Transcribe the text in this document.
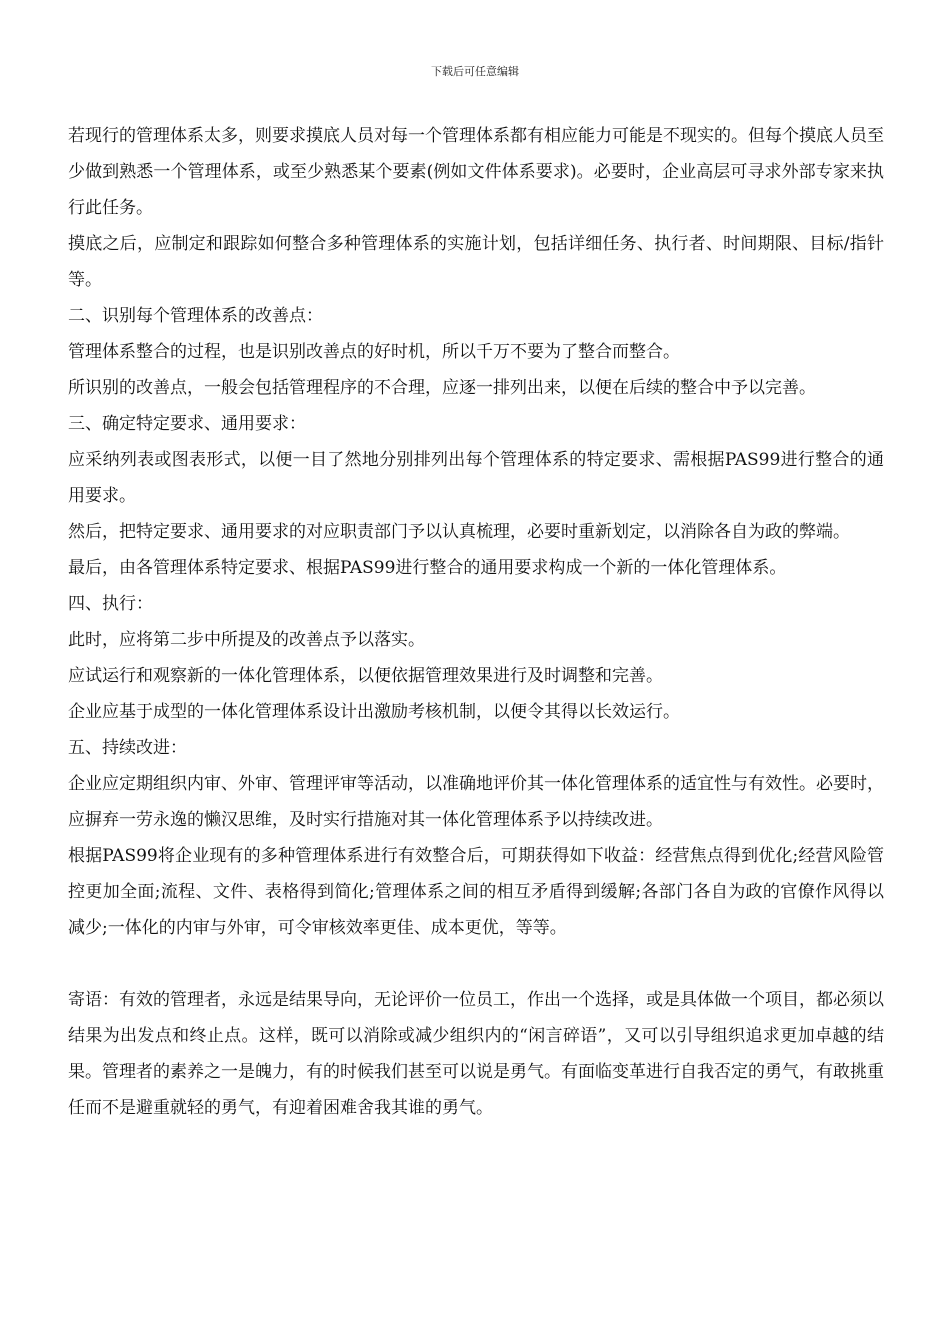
下载后可任意编辑

若现行的管理体系太多，则要求摸底人员对每一个管理体系都有相应能力可能是不现实的。但每个摸底人员至少做到熟悉一个管理体系，或至少熟悉某个要素(例如文件体系要求)。必要时，企业高层可寻求外部专家来执行此任务。

摸底之后，应制定和跟踪如何整合多种管理体系的实施计划，包括详细任务、执行者、时间期限、目标/指针等。

二、识别每个管理体系的改善点：

管理体系整合的过程，也是识别改善点的好时机，所以千万不要为了整合而整合。

所识别的改善点，一般会包括管理程序的不合理，应逐一排列出来，以便在后续的整合中予以完善。

三、确定特定要求、通用要求：

应采纳列表或图表形式，以便一目了然地分别排列出每个管理体系的特定要求、需根据PAS99进行整合的通用要求。

然后，把特定要求、通用要求的对应职责部门予以认真梳理，必要时重新划定，以消除各自为政的弊端。

最后，由各管理体系特定要求、根据PAS99进行整合的通用要求构成一个新的一体化管理体系。

四、执行：

此时，应将第二步中所提及的改善点予以落实。

应试运行和观察新的一体化管理体系，以便依据管理效果进行及时调整和完善。

企业应基于成型的一体化管理体系设计出激励考核机制，以便令其得以长效运行。

五、持续改进：

企业应定期组织内审、外审、管理评审等活动，以准确地评价其一体化管理体系的适宜性与有效性。必要时，应摒弃一劳永逸的懒汉思维，及时实行措施对其一体化管理体系予以持续改进。

根据PAS99将企业现有的多种管理体系进行有效整合后，可期获得如下收益：经营焦点得到优化;经营风险管控更加全面;流程、文件、表格得到简化;管理体系之间的相互矛盾得到缓解;各部门各自为政的官僚作风得以减少;一体化的内审与外审，可令审核效率更佳、成本更优，等等。

寄语：有效的管理者，永远是结果导向，无论评价一位员工，作出一个选择，或是具体做一个项目，都必须以结果为出发点和终止点。这样，既可以消除或减少组织内的“闲言碎语”，又可以引导组织追求更加卓越的结果。管理者的素养之一是魄力，有的时候我们甚至可以说是勇气。有面临变革进行自我否定的勇气，有敢挑重任而不是避重就轻的勇气，有迎着困难舍我其谁的勇气。
